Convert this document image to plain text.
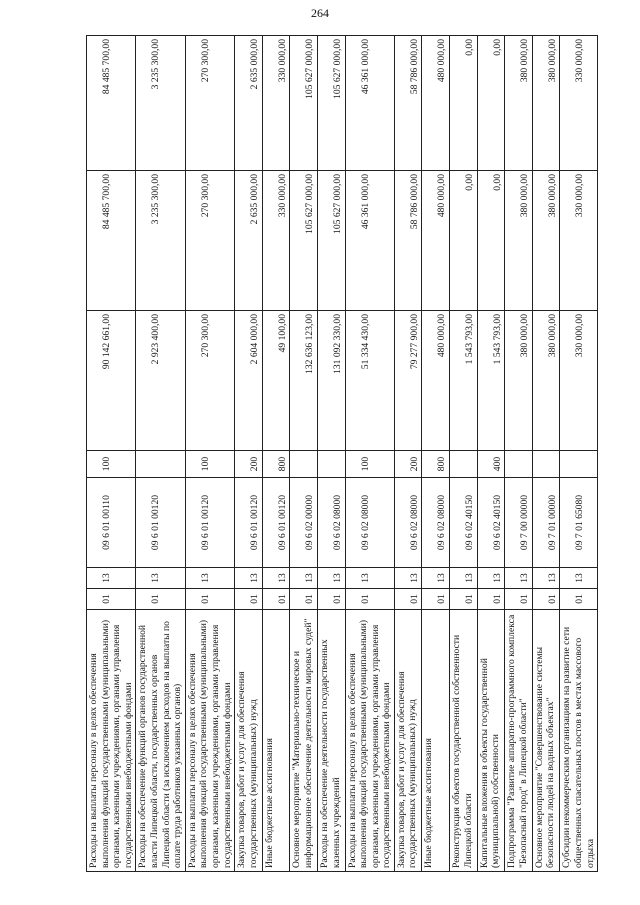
264
Расходы на выплаты персоналу в целях обеспечения выполнения функций государственными (муниципальными) органами, казенными учреждениями, органами управления государственными внебюджетными фондами	01	13	09 6 01 00110	100	90 142 661,00	84 485 700,00	84 485 700,00
Расходы на обеспечение функций органов государственной власти Липецкой области, государственных органов Липецкой области (за исключением расходов на выплаты по оплате труда работников указанных органов)	01	13	09 6 01 00120		2 923 400,00	3 235 300,00	3 235 300,00
Расходы на выплаты персоналу в целях обеспечения выполнения функций государственными (муниципальными) органами, казенными учреждениями, органами управления государственными внебюджетными фондами	01	13	09 6 01 00120	100	270 300,00	270 300,00	270 300,00
Закупка товаров, работ и услуг для обеспечения государственных (муниципальных) нужд	01	13	09 6 01 00120	200	2 604 000,00	2 635 000,00	2 635 000,00
Иные бюджетные ассигнования	01	13	09 6 01 00120	800	49 100,00	330 000,00	330 000,00
Основное мероприятие "Материально-техническое и информационное обеспечение деятельности мировых судей"	01	13	09 6 02 00000		132 636 123,00	105 627 000,00	105 627 000,00
Расходы на обеспечение деятельности государственных казенных учреждений	01	13	09 6 02 08000		131 092 330,00	105 627 000,00	105 627 000,00
Расходы на выплаты персоналу в целях обеспечения выполнения функций государственными (муниципальными) органами, казенными учреждениями, органами управления государственными внебюджетными фондами	01	13	09 6 02 08000	100	51 334 430,00	46 361 000,00	46 361 000,00
Закупка товаров, работ и услуг для обеспечения государственных (муниципальных) нужд	01	13	09 6 02 08000	200	79 277 900,00	58 786 000,00	58 786 000,00
Иные бюджетные ассигнования	01	13	09 6 02 08000	800	480 000,00	480 000,00	480 000,00
Реконструкция объектов государственной собственности Липецкой области	01	13	09 6 02 40150		1 543 793,00	0,00	0,00
Капитальные вложения в объекты государственной (муниципальной) собственности	01	13	09 6 02 40150	400	1 543 793,00	0,00	0,00
Подпрограмма "Развитие аппаратно-программного комплекса "Безопасный город" в Липецкой области"	01	13	09 7 00 00000		380 000,00	380 000,00	380 000,00
Основное мероприятие "Совершенствование системы безопасности людей на водных объектах"	01	13	09 7 01 00000		380 000,00	380 000,00	380 000,00
Субсидии некоммерческим организациям на развитие сети общественных спасательных постов в местах массового отдыха	01	13	09 7 01 65080		330 000,00	330 000,00	330 000,00
